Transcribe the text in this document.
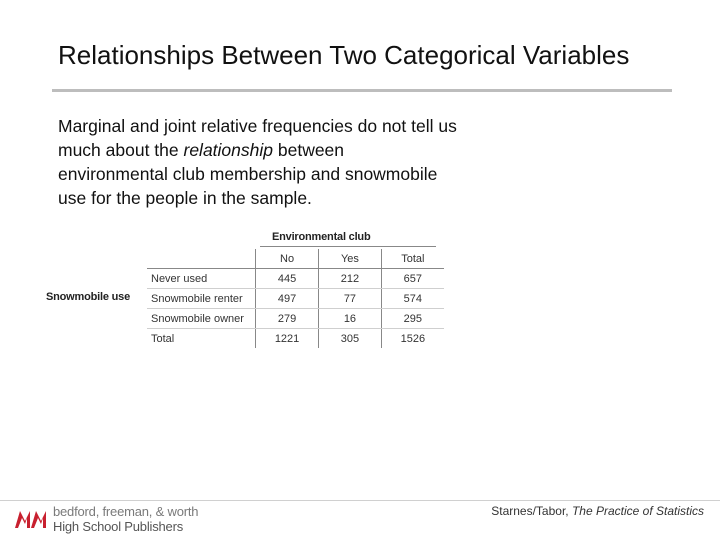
Relationships Between Two Categorical Variables
Marginal and joint relative frequencies do not tell us much about the relationship between environmental club membership and snowmobile use for the people in the sample.
Environmental club
Snowmobile use
	No	Yes	Total
Never used	445	212	657
Snowmobile renter	497	77	574
Snowmobile owner	279	16	295
Total	1221	305	1526
bedford, freeman, & worth
High School Publishers
Starnes/Tabor, The Practice of Statistics
